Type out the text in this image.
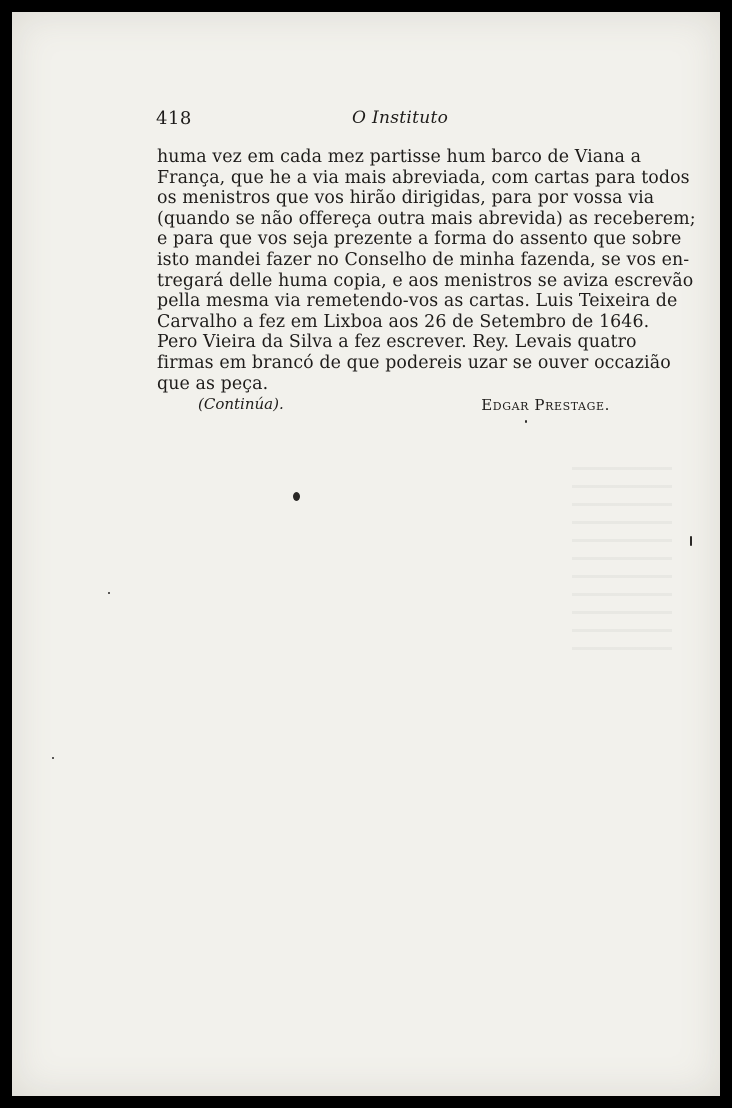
418	O Instituto
huma vez em cada mez partisse hum barco de Viana a
França, que he a via mais abreviada, com cartas para todos
os menistros que vos hirão dirigidas, para por vossa via
(quando se não offereça outra mais abrevida) as receberem;
e para que vos seja prezente a forma do assento que sobre
isto mandei fazer no Conselho de minha fazenda, se vos en-
tregará delle huma copia, e aos menistros se aviza escrevão
pella mesma via remetendo-vos as cartas. Luis Teixeira de
Carvalho a fez em Lixboa aos 26 de Setembro de 1646.
Pero Vieira da Silva a fez escrever. Rey. Levais quatro
firmas em brancó de que podereis uzar se ouver occazião
que as peça.
(Continúa).	Edgar Prestage.
